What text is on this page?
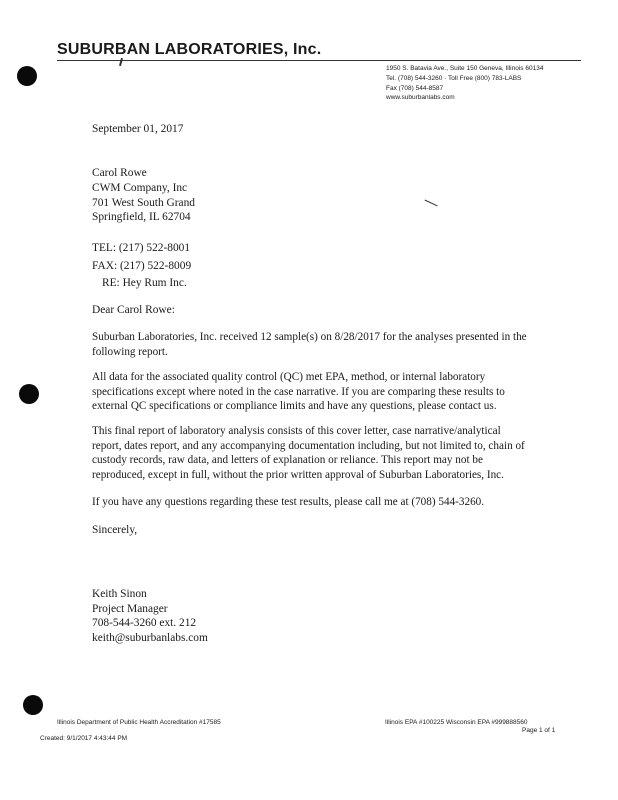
SUBURBAN LABORATORIES, Inc.
1950 S. Batavia Ave., Suite 150 Geneva, Illinois 60134
Tel. (708) 544-3260 · Toll Free (800) 783-LABS
Fax (708) 544-8587
www.suburbanlabs.com
September 01, 2017
Carol Rowe
CWM Company, Inc
701 West South Grand
Springfield, IL 62704
TEL: (217) 522-8001
FAX: (217) 522-8009
RE: Hey Rum Inc.
Dear Carol Rowe:
Suburban Laboratories, Inc. received 12 sample(s) on 8/28/2017 for the analyses presented in the following report.
All data for the associated quality control (QC) met EPA, method, or internal laboratory specifications except where noted in the case narrative. If you are comparing these results to external QC specifications or compliance limits and have any questions, please contact us.
This final report of laboratory analysis consists of this cover letter, case narrative/analytical report, dates report, and any accompanying documentation including, but not limited to, chain of custody records, raw data, and letters of explanation or reliance. This report may not be reproduced, except in full, without the prior written approval of Suburban Laboratories, Inc.
If you have any questions regarding these test results, please call me at (708) 544-3260.
Sincerely,
Keith Sinon
Project Manager
708-544-3260 ext. 212
keith@suburbanlabs.com
Illinois Department of Public Health Accreditation #17585	Illinois EPA #100225 Wisconsin EPA #999888560
Page 1 of 1
Created: 9/1/2017 4:43:44 PM
